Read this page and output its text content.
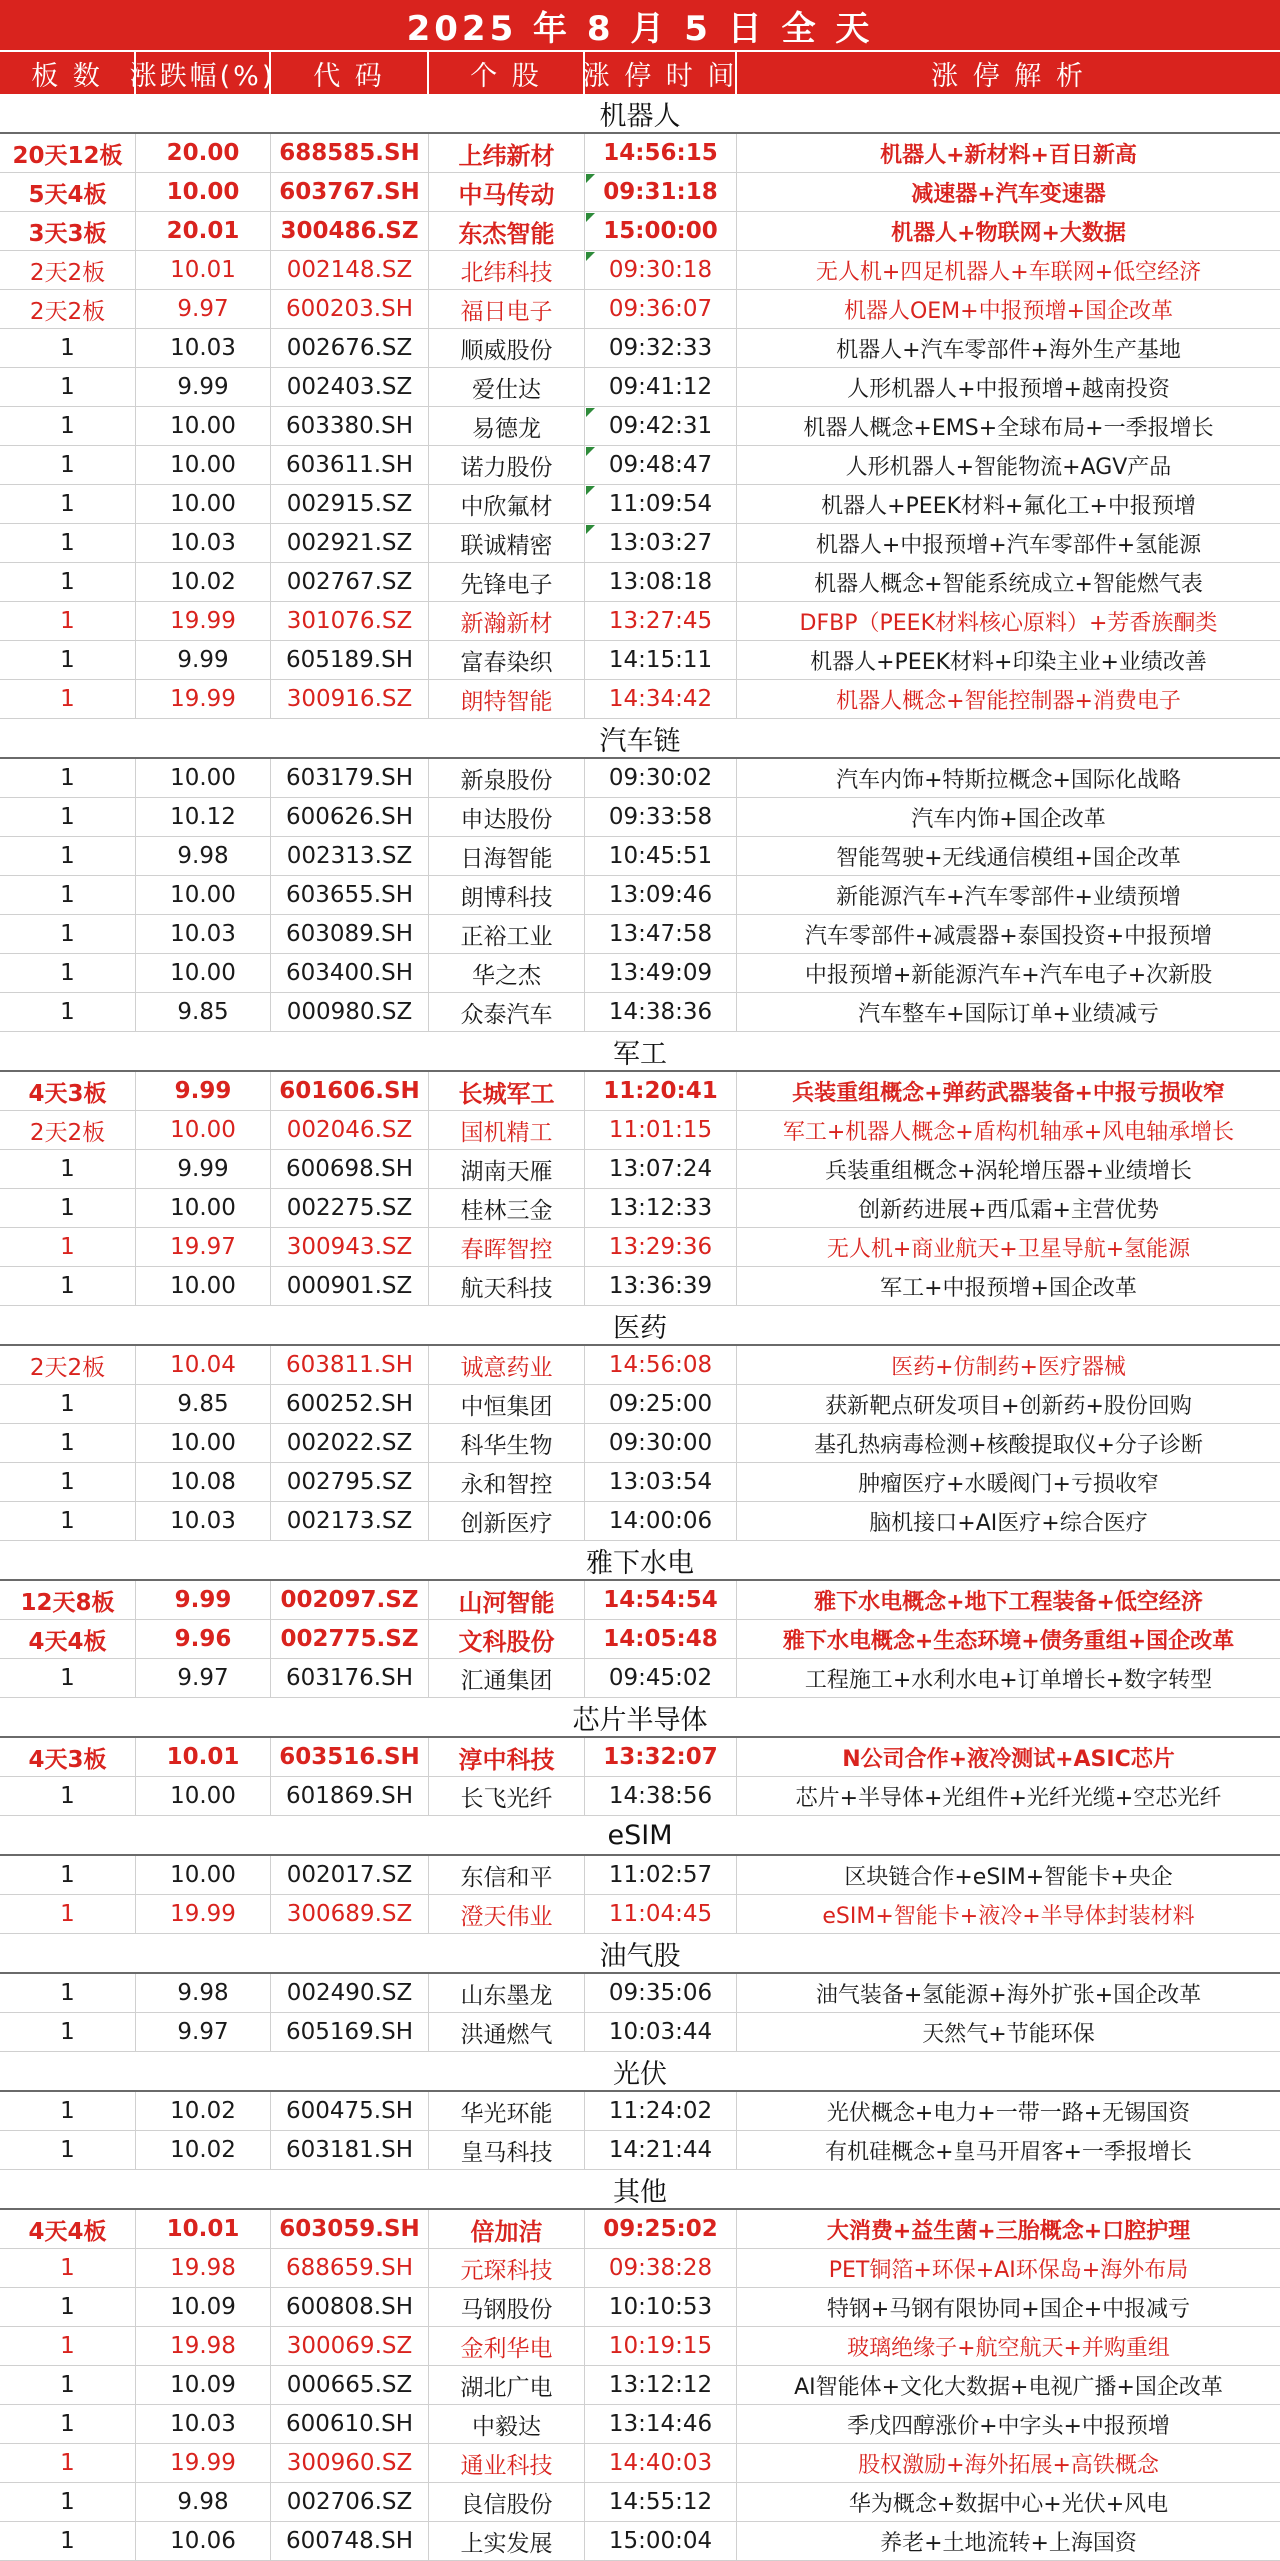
2025 年 8 月 5 日 全 天
板 数 涨跌幅(%)	代 码	个 股	涨 停 时 间	涨 停 解 析
机器人
20天12板 20.00 688585.SH 上纬新材 14:56:15	机器人+新材料+百日新高
5天4板	10.00 603767.SH 中马传动 09:31:18	减速器+汽车变速器
3天3板	20.01 300486.SZ 东杰智能 15:00:00	机器人+物联网+大数据
2天2板	10.01 002148.SZ 北纬科技 09:30:18	无人机+四足机器人+车联网+低空经济
2天2板	9.97 600203.SH 福日电子 09:36:07	机器人OEM+中报预增+国企改革
1	10.03 002676.SZ 顺威股份 09:32:33	机器人+汽车零部件+海外生产基地
1	9.99	002403.SZ	爱仕达	09:41:12	人形机器人+中报预增+越南投资
1	10.00 603380.SH	易德龙	09:42:31	机器人概念+EMS+全球布局+一季报增长
1	10.00 603611.SH 诺力股份 09:48:47	人形机器人+智能物流+AGV产品
1	10.00 002915.SZ 中欣氟材 11:09:54	机器人+PEEK材料+氟化工+中报预增
1	10.03 002921.SZ 联诚精密 13:03:27	机器人+中报预增+汽车零部件+氢能源
1	10.02 002767.SZ 先锋电子 13:08:18	机器人概念+智能系统成立+智能燃气表
1	19.99 301076.SZ 新瀚新材 13:27:45	DFBP（PEEK材料核心原料）+芳香族酮类
1	9.99 605189.SH 富春染织 14:15:11	机器人+PEEK材料+印染主业+业绩改善
1	19.99 300916.SZ 朗特智能 14:34:42	机器人概念+智能控制器+消费电子
汽车链
1	10.00 603179.SH 新泉股份 09:30:02	汽车内饰+特斯拉概念+国际化战略
1	10.12 600626.SH 申达股份 09:33:58	汽车内饰+国企改革
1	9.98	002313.SZ 日海智能 10:45:51	智能驾驶+无线通信模组+国企改革
1	10.00 603655.SH 朗博科技 13:09:46	新能源汽车+汽车零部件+业绩预增
1	10.03 603089.SH 正裕工业 13:47:58	汽车零部件+减震器+泰国投资+中报预增
1	10.00 603400.SH	华之杰	13:49:09	中报预增+新能源汽车+汽车电子+次新股
1	9.85	000980.SZ 众泰汽车 14:38:36	汽车整车+国际订单+业绩减亏
军工
4天3板	9.99 601606.SH 长城军工 11:20:41	兵装重组概念+弹药武器装备+中报亏损收窄
2天2板	10.00 002046.SZ 国机精工 11:01:15	军工+机器人概念+盾构机轴承+风电轴承增长
1	9.99 600698.SH 湖南天雁 13:07:24	兵装重组概念+涡轮增压器+业绩增长
1	10.00 002275.SZ 桂林三金 13:12:33	创新药进展+西瓜霜+主营优势
1	19.97 300943.SZ 春晖智控 13:29:36	无人机+商业航天+卫星导航+氢能源
1	10.00 000901.SZ 航天科技 13:36:39	军工+中报预增+国企改革
医药
2天2板	10.04 603811.SH 诚意药业 14:56:08	医药+仿制药+医疗器械
1	9.85 600252.SH 中恒集团 09:25:00	获新靶点研发项目+创新药+股份回购
1	10.00 002022.SZ 科华生物 09:30:00	基孔热病毒检测+核酸提取仪+分子诊断
1	10.08 002795.SZ 永和智控 13:03:54	肿瘤医疗+水暖阀门+亏损收窄
1	10.03 002173.SZ 创新医疗 14:00:06	脑机接口+AI医疗+综合医疗
雅下水电
12天8板	9.99 002097.SZ 山河智能 14:54:54	雅下水电概念+地下工程装备+低空经济
4天4板	9.96 002775.SZ 文科股份 14:05:48	雅下水电概念+生态环境+债务重组+国企改革
1	9.97 603176.SH 汇通集团 09:45:02	工程施工+水利水电+订单增长+数字转型
芯片半导体
4天3板	10.01 603516.SH 淳中科技 13:32:07	N公司合作+液冷测试+ASIC芯片
1	10.00 601869.SH 长飞光纤 14:38:56	芯片+半导体+光组件+光纤光缆+空芯光纤
eSIM
1	10.00 002017.SZ 东信和平 11:02:57	区块链合作+eSIM+智能卡+央企
1	19.99 300689.SZ 澄天伟业 11:04:45	eSIM+智能卡+液冷+半导体封装材料
油气股
1	9.98	002490.SZ 山东墨龙 09:35:06	油气装备+氢能源+海外扩张+国企改革
1	9.97 605169.SH 洪通燃气 10:03:44	天然气+节能环保
光伏
1	10.02 600475.SH 华光环能 11:24:02	光伏概念+电力+一带一路+无锡国资
1	10.02 603181.SH 皇马科技 14:21:44	有机硅概念+皇马开眉客+一季报增长
其他
4天4板	10.01 603059.SH 倍加洁	09:25:02	大消费+益生菌+三胎概念+口腔护理
1	19.98 688659.SH 元琛科技 09:38:28	PET铜箔+环保+AI环保岛+海外布局
1	10.09 600808.SH 马钢股份 10:10:53	特钢+马钢有限协同+国企+中报减亏
1	19.98 300069.SZ 金利华电 10:19:15	玻璃绝缘子+航空航天+并购重组
1	10.09 000665.SZ 湖北广电 13:12:12	AI智能体+文化大数据+电视广播+国企改革
1	10.03 600610.SH	中毅达	13:14:46	季戊四醇涨价+中字头+中报预增
1	19.99 300960.SZ 通业科技 14:40:03	股权激励+海外拓展+高铁概念
1	9.98	002706.SZ 良信股份 14:55:12	华为概念+数据中心+光伏+风电
1	10.06 600748.SH 上实发展 15:00:04	养老+土地流转+上海国资
